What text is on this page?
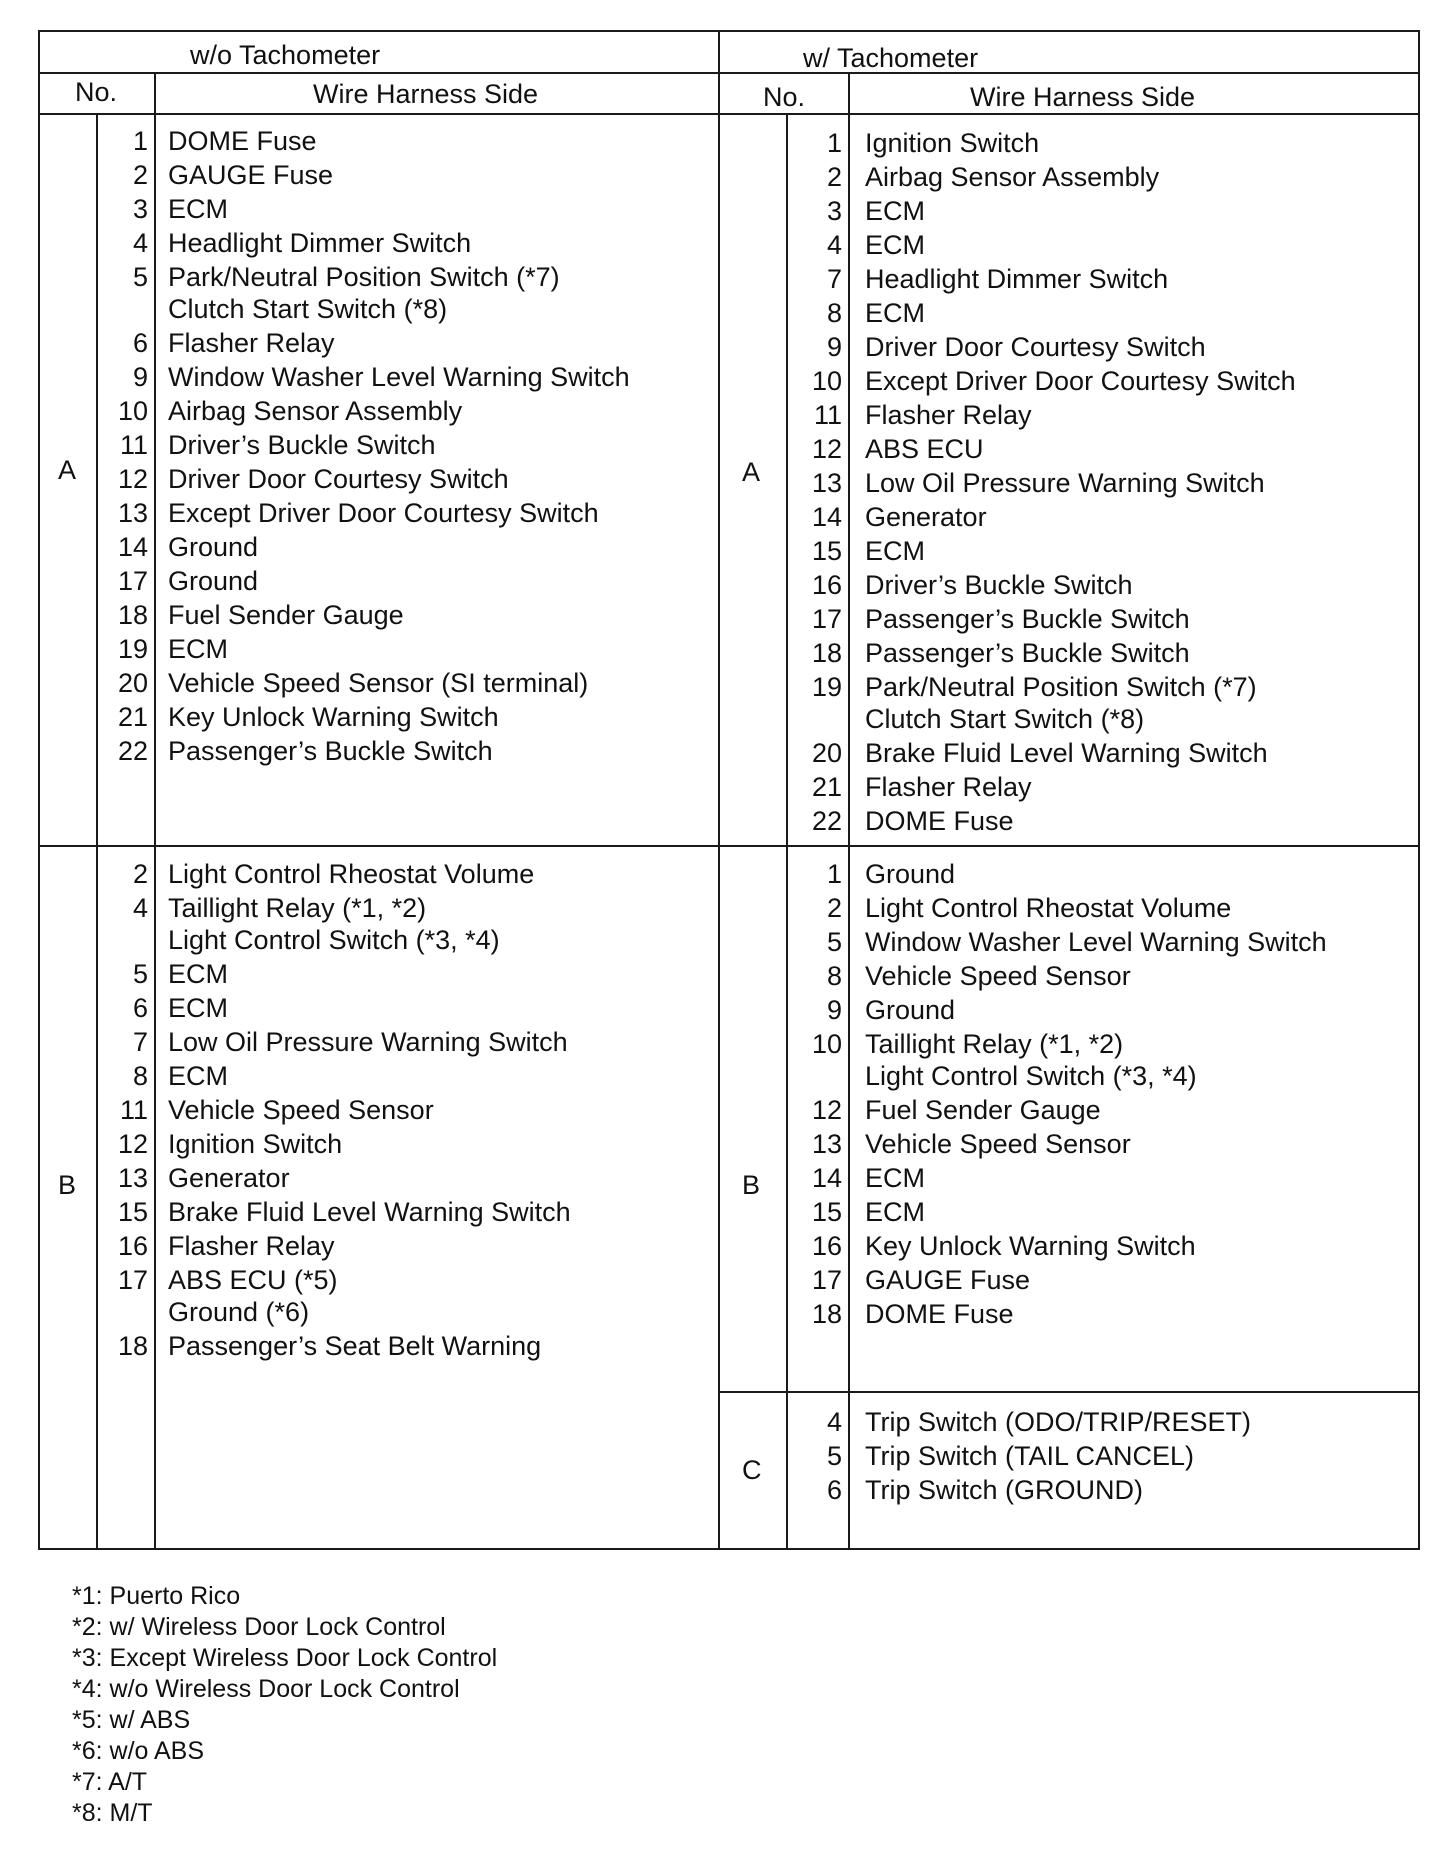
w/o Tachometer
No.	Wire Harness Side
w/ Tachometer
No.	Wire Harness Side
A
1 DOME Fuse
2 GAUGE Fuse
3 ECM
4 Headlight Dimmer Switch
5 Park/Neutral Position Switch (*7)
Clutch Start Switch (*8)
6 Flasher Relay
9 Window Washer Level Warning Switch
10 Airbag Sensor Assembly
11 Driver’s Buckle Switch
12 Driver Door Courtesy Switch
13 Except Driver Door Courtesy Switch
14 Ground
17 Ground
18 Fuel Sender Gauge
19 ECM
20 Vehicle Speed Sensor (SI terminal)
21 Key Unlock Warning Switch
22 Passenger’s Buckle Switch
B
2 Light Control Rheostat Volume
4 Taillight Relay (*1, *2)
Light Control Switch (*3, *4)
5 ECM
6 ECM
7 Low Oil Pressure Warning Switch
8 ECM
11 Vehicle Speed Sensor
12 Ignition Switch
13 Generator
15 Brake Fluid Level Warning Switch
16 Flasher Relay
17 ABS ECU (*5)
Ground (*6)
18 Passenger’s Seat Belt Warning
A
1 Ignition Switch
2 Airbag Sensor Assembly
3 ECM
4 ECM
7 Headlight Dimmer Switch
8 ECM
9 Driver Door Courtesy Switch
10 Except Driver Door Courtesy Switch
11 Flasher Relay
12 ABS ECU
13 Low Oil Pressure Warning Switch
14 Generator
15 ECM
16 Driver’s Buckle Switch
17 Passenger’s Buckle Switch
18 Passenger’s Buckle Switch
19 Park/Neutral Position Switch (*7)
Clutch Start Switch (*8)
20 Brake Fluid Level Warning Switch
21 Flasher Relay
22 DOME Fuse
B
1 Ground
2 Light Control Rheostat Volume
5 Window Washer Level Warning Switch
8 Vehicle Speed Sensor
9 Ground
10 Taillight Relay (*1, *2)
Light Control Switch (*3, *4)
12 Fuel Sender Gauge
13 Vehicle Speed Sensor
14 ECM
15 ECM
16 Key Unlock Warning Switch
17 GAUGE Fuse
18 DOME Fuse
C
4 Trip Switch (ODO/TRIP/RESET)
5 Trip Switch (TAIL CANCEL)
6 Trip Switch (GROUND)
*1: Puerto Rico
*2: w/ Wireless Door Lock Control
*3: Except Wireless Door Lock Control
*4: w/o Wireless Door Lock Control
*5: w/ ABS
*6: w/o ABS
*7: A/T
*8: M/T
